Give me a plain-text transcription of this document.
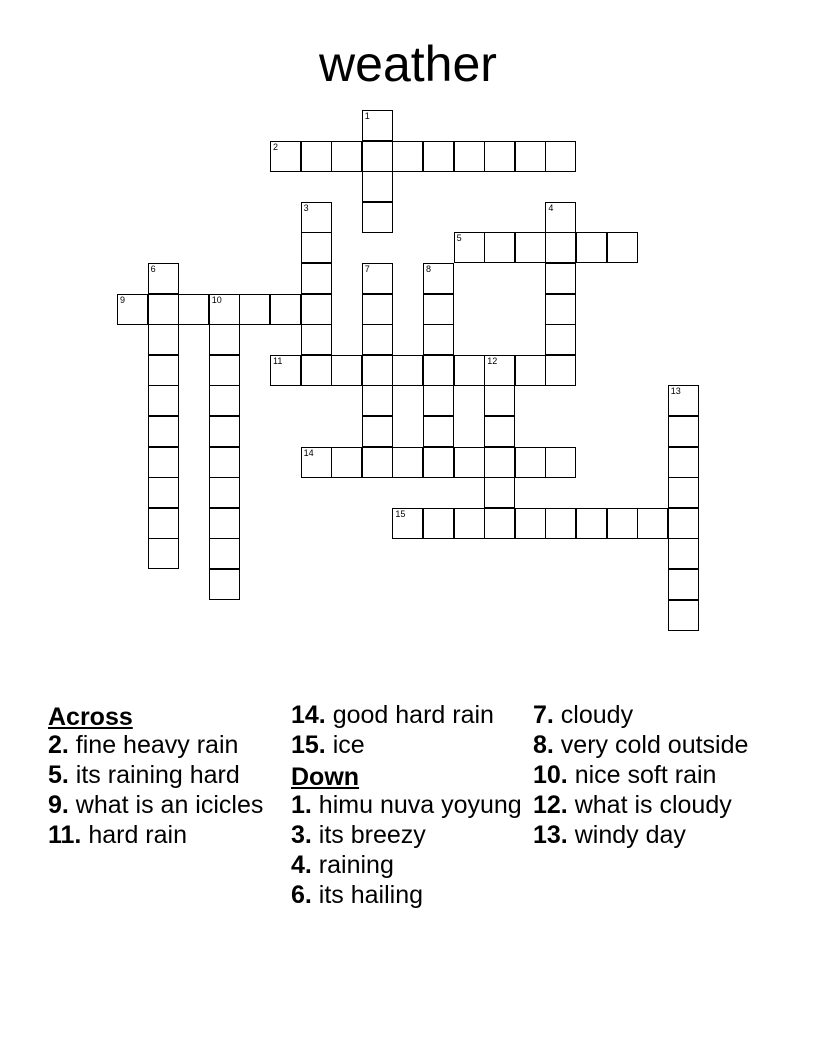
weather
1
2
3	4
5
6	7	8
9	10
11	12
13
14
15
Across
2. fine heavy rain
5. its raining hard
9. what is an icicles
11. hard rain
14. good hard rain
15. ice
Down
1. himu nuva yoyung
3. its breezy
4. raining
6. its hailing
7. cloudy
8. very cold outside
10. nice soft rain
12. what is cloudy
13. windy day
